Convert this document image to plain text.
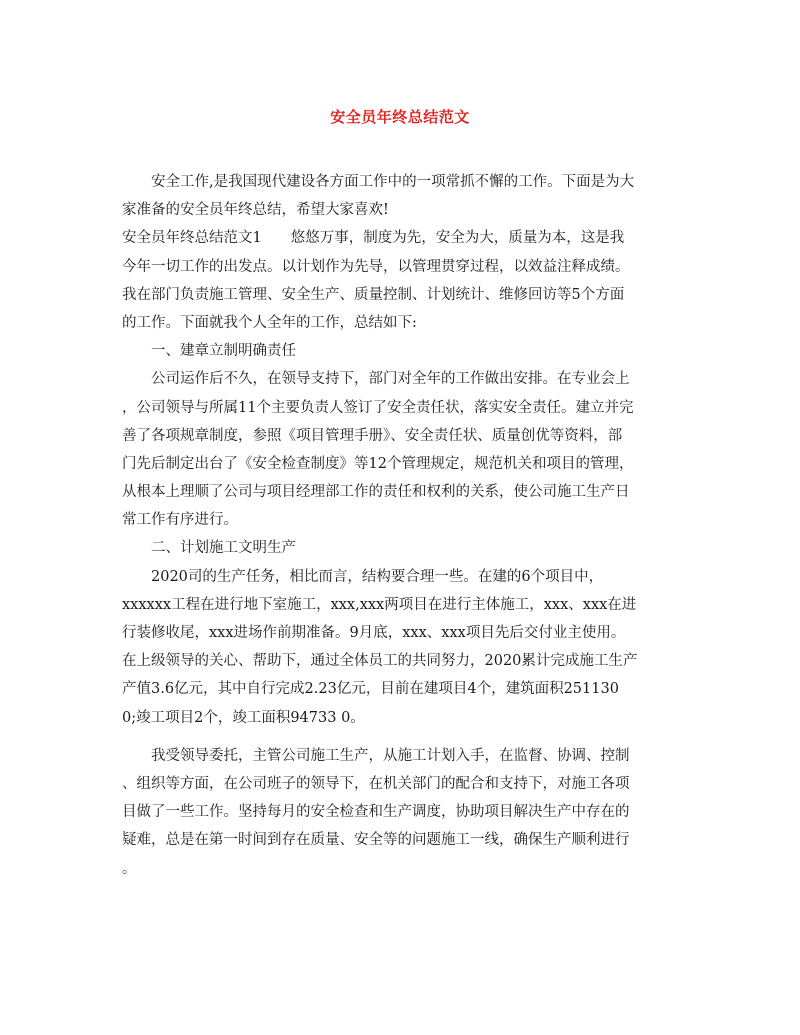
安全员年终总结范文
　　安全工作,是我国现代建设各方面工作中的一项常抓不懈的工作。下面是为大
家准备的安全员年终总结，希望大家喜欢!
安全员年终总结范文1　　悠悠万事，制度为先，安全为大，质量为本，这是我
今年一切工作的出发点。以计划作为先导，以管理贯穿过程，以效益注释成绩。
我在部门负责施工管理、安全生产、质量控制、计划统计、维修回访等5个方面
的工作。下面就我个人全年的工作，总结如下:
　　一、建章立制明确责任
　　公司运作后不久，在领导支持下，部门对全年的工作做出安排。在专业会上
，公司领导与所属11个主要负责人签订了安全责任状，落实安全责任。建立并完
善了各项规章制度，参照《项目管理手册》、安全责任状、质量创优等资料，部
门先后制定出台了《安全检查制度》等12个管理规定，规范机关和项目的管理，
从根本上理顺了公司与项目经理部工作的责任和权利的关系，使公司施工生产日
常工作有序进行。
　　二、计划施工文明生产
　　2020司的生产任务，相比而言，结构要合理一些。在建的6个项目中，
xxxxxx工程在进行地下室施工，xxx,xxx两项目在进行主体施工，xxx、xxx在进
行装修收尾，xxx进场作前期准备。9月底，xxx、xxx项目先后交付业主使用。
在上级领导的关心、帮助下，通过全体员工的共同努力，2020累计完成施工生产
产值3.6亿元，其中自行完成2.23亿元，目前在建项目4个，建筑面积251130
0;竣工项目2个，竣工面积94733 0。
　　我受领导委托，主管公司施工生产，从施工计划入手，在监督、协调、控制
、组织等方面，在公司班子的领导下，在机关部门的配合和支持下，对施工各项
目做了一些工作。坚持每月的安全检查和生产调度，协助项目解决生产中存在的
疑难，总是在第一时间到存在质量、安全等的问题施工一线，确保生产顺利进行
。
